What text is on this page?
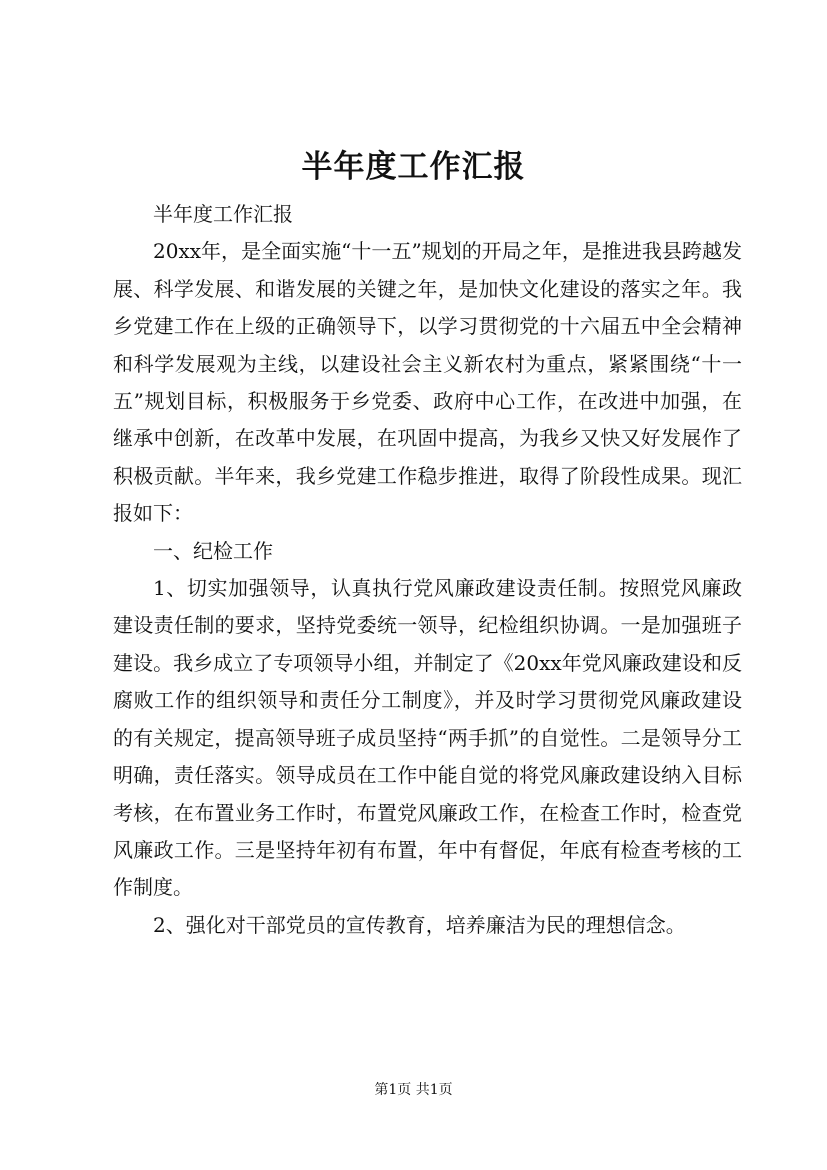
半年度工作汇报

半年度工作汇报

20xx年，是全面实施“十一五”规划的开局之年，是推进我县跨越发展、科学发展、和谐发展的关键之年，是加快文化建设的落实之年。我乡党建工作在上级的正确领导下，以学习贯彻党的十六届五中全会精神和科学发展观为主线，以建设社会主义新农村为重点，紧紧围绕“十一五”规划目标，积极服务于乡党委、政府中心工作，在改进中加强，在继承中创新，在改革中发展，在巩固中提高，为我乡又快又好发展作了积极贡献。半年来，我乡党建工作稳步推进，取得了阶段性成果。现汇报如下：

一、纪检工作

1、切实加强领导，认真执行党风廉政建设责任制。按照党风廉政建设责任制的要求，坚持党委统一领导，纪检组织协调。一是加强班子建设。我乡成立了专项领导小组，并制定了《20xx年党风廉政建设和反腐败工作的组织领导和责任分工制度》，并及时学习贯彻党风廉政建设的有关规定，提高领导班子成员坚持“两手抓”的自觉性。二是领导分工明确，责任落实。领导成员在工作中能自觉的将党风廉政建设纳入目标考核，在布置业务工作时，布置党风廉政工作，在检查工作时，检查党风廉政工作。三是坚持年初有布置，年中有督促，年底有检查考核的工作制度。

2、强化对干部党员的宣传教育，培养廉洁为民的理想信念。

第1页 共1页
